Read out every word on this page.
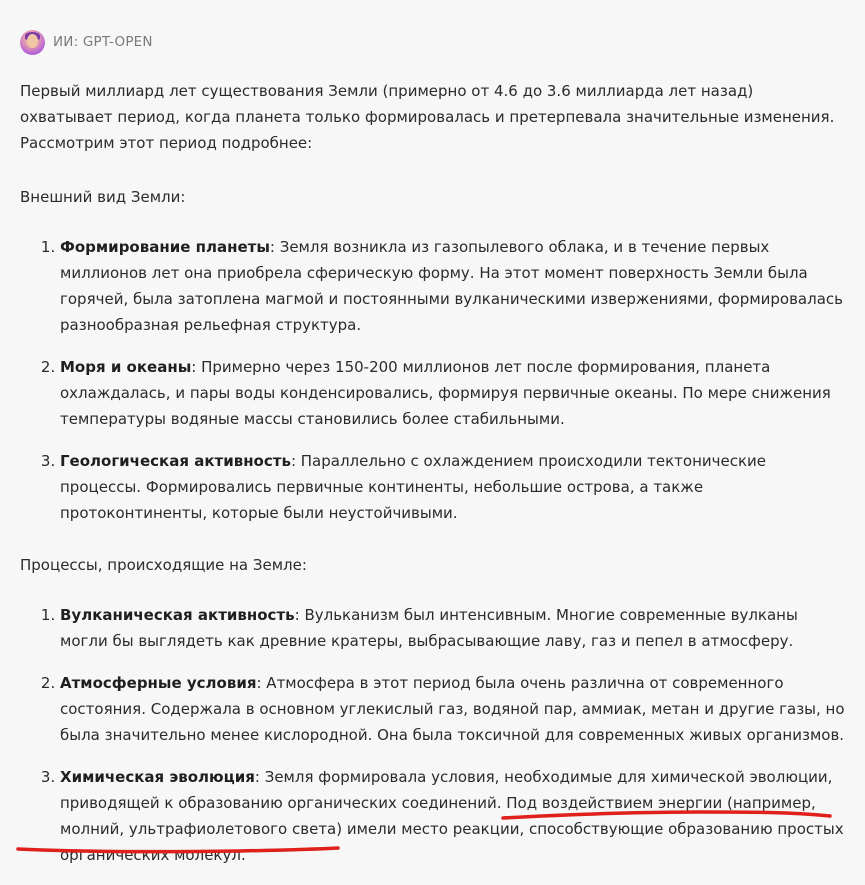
ИИ: GPT-OPEN

Первый миллиард лет существования Земли (примерно от 4.6 до 3.6 миллиарда лет назад) охватывает период, когда планета только формировалась и претерпевала значительные изменения. Рассмотрим этот период подробнее:

Внешний вид Земли:

1. Формирование планеты: Земля возникла из газопылевого облака, и в течение первых миллионов лет она приобрела сферическую форму. На этот момент поверхность Земли была горячей, была затоплена магмой и постоянными вулканическими извержениями, формировалась разнообразная рельефная структура.
2. Моря и океаны: Примерно через 150-200 миллионов лет после формирования, планета охлаждалась, и пары воды конденсировались, формируя первичные океаны. По мере снижения температуры водяные массы становились более стабильными.
3. Геологическая активность: Параллельно с охлаждением происходили тектонические процессы. Формировались первичные континенты, небольшие острова, а также протоконтиненты, которые были неустойчивыми.

Процессы, происходящие на Земле:

1. Вулканическая активность: Вульканизм был интенсивным. Многие современные вулканы могли бы выглядеть как древние кратеры, выбрасывающие лаву, газ и пепел в атмосферу.
2. Атмосферные условия: Атмосфера в этот период была очень различна от современного состояния. Содержала в основном углекислый газ, водяной пар, аммиак, метан и другие газы, но была значительно менее кислородной. Она была токсичной для современных живых организмов.
3. Химическая эволюция: Земля формировала условия, необходимые для химической эволюции, приводящей к образованию органических соединений. Под воздействием энергии (например, молний, ультрафиолетового света) имели место реакции, способствующие образованию простых органических молекул.
